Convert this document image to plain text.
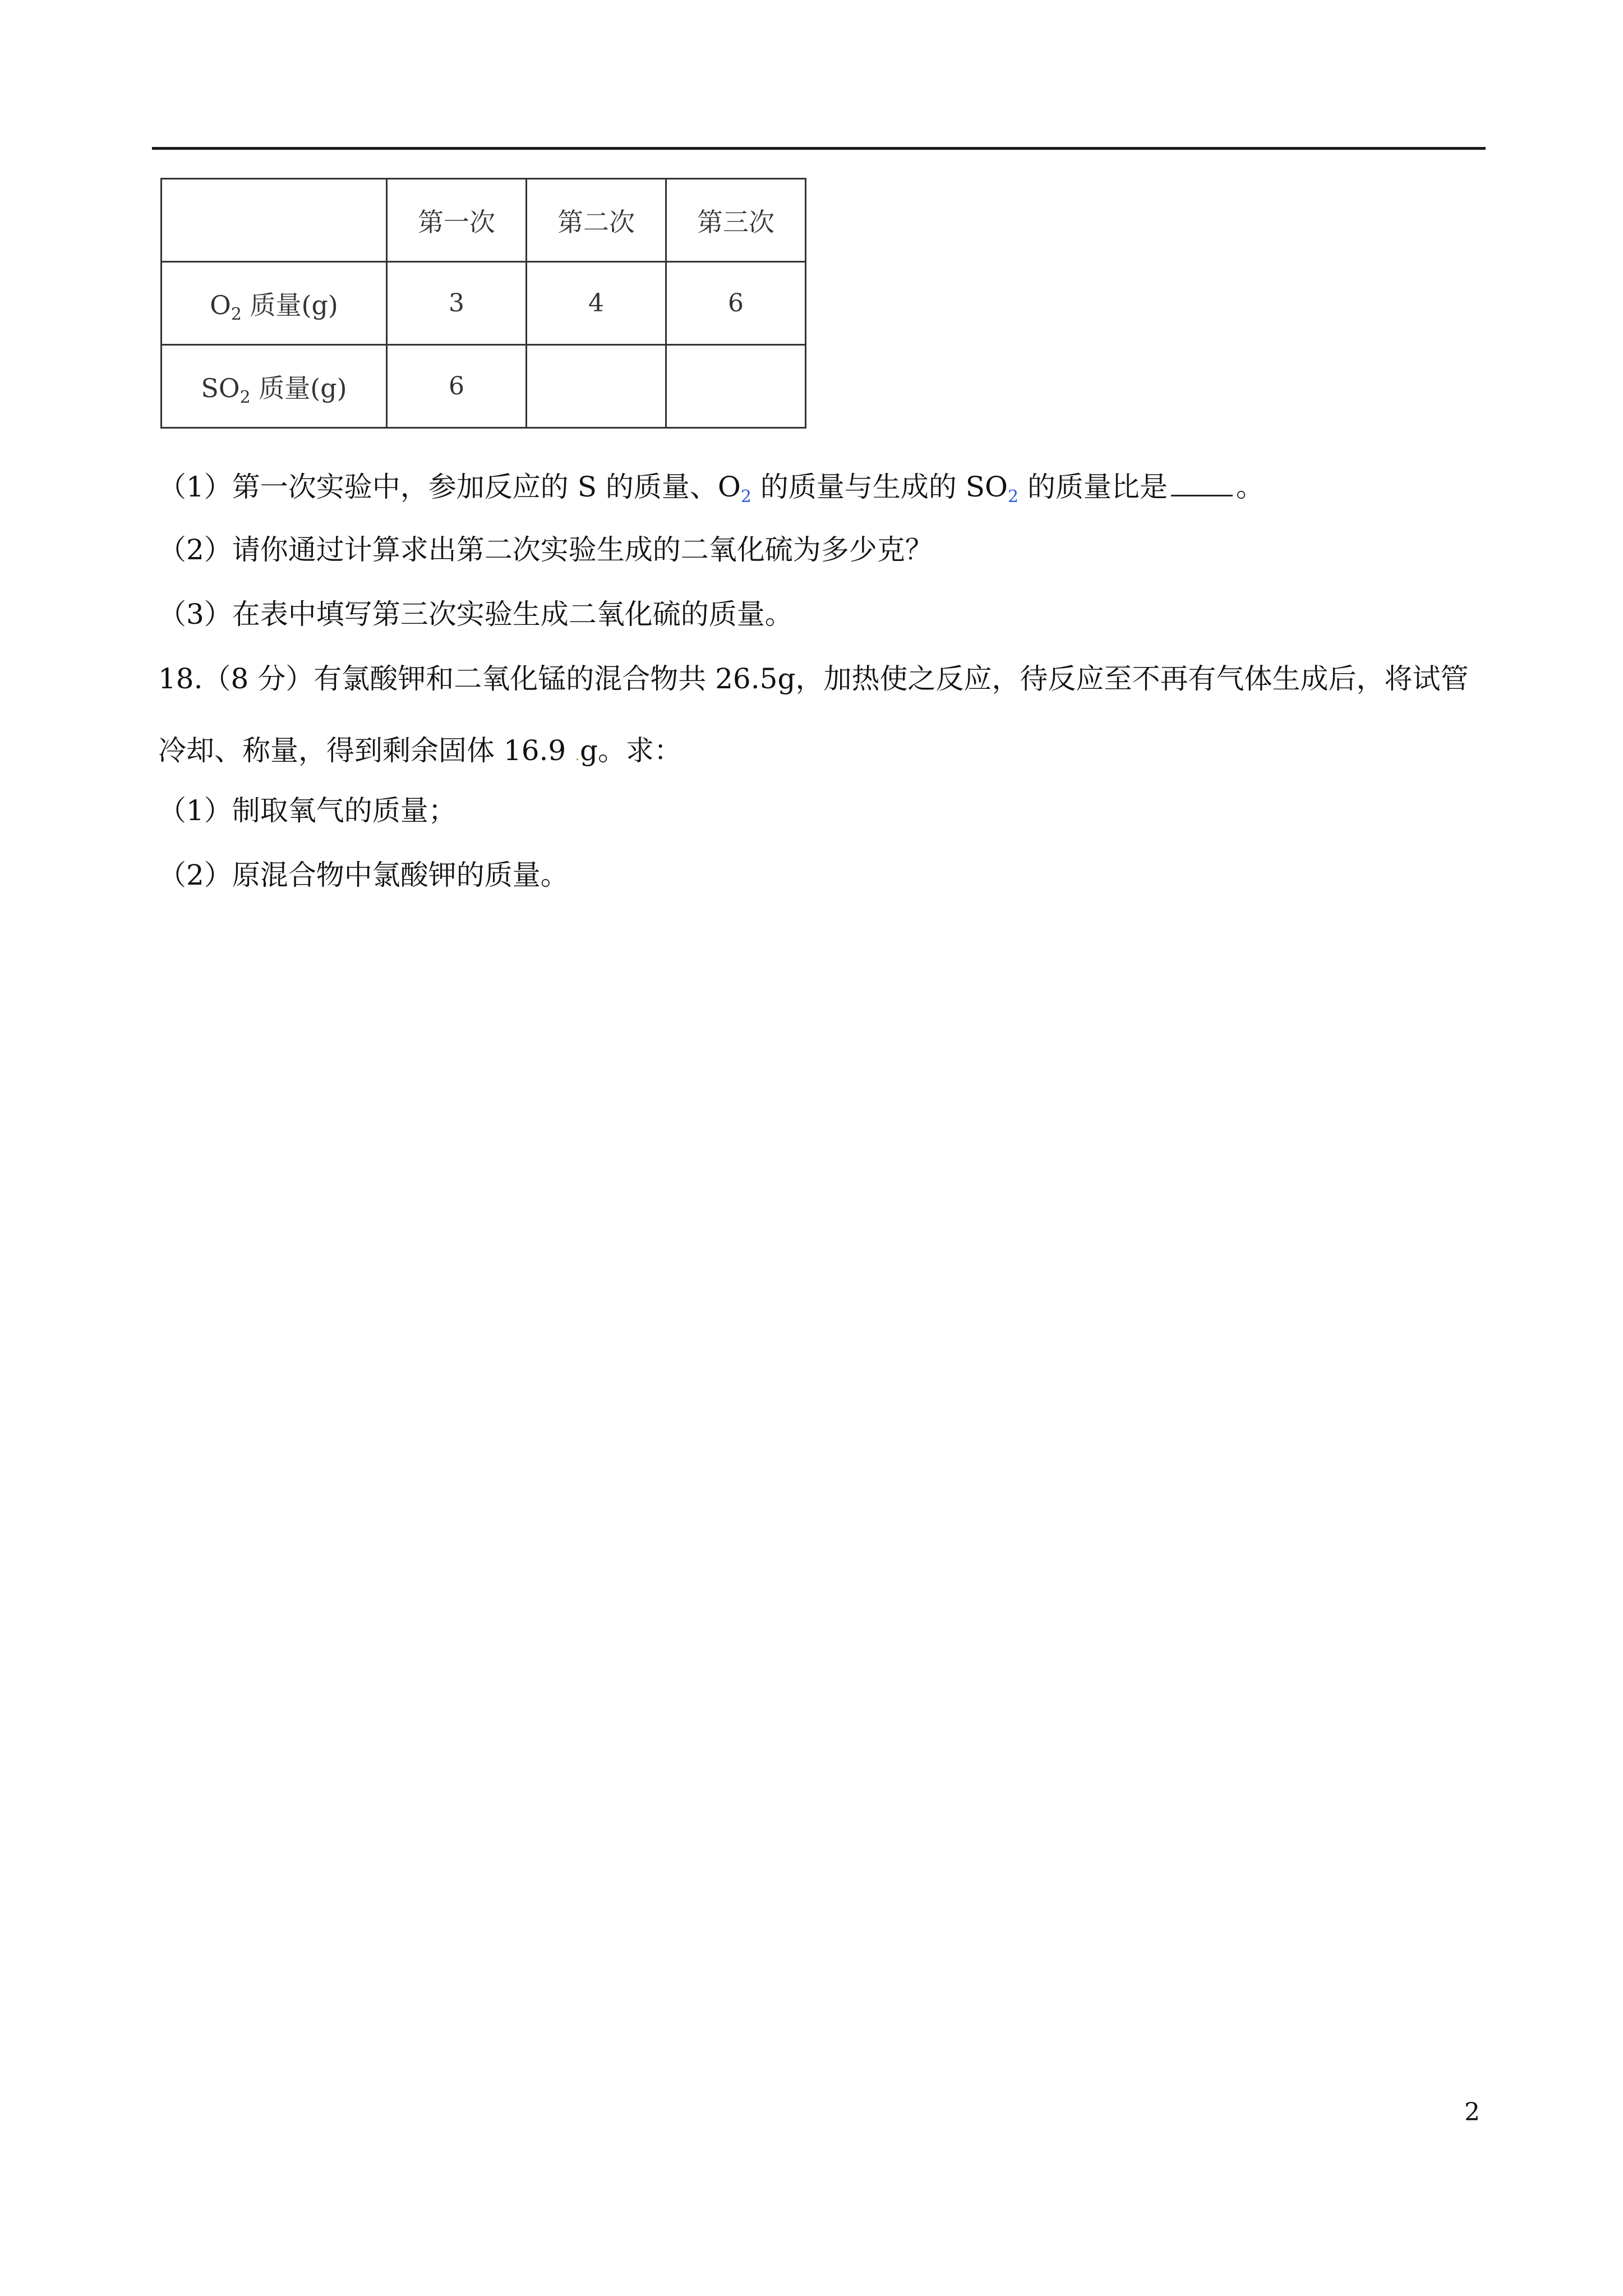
	第一次	第二次	第三次
$O_2$ 质量(g)	3	4	6
$SO_2$ 质量(g)	6		
（1）第一次实验中，参加反应的 S 的质量、$O_2$ 的质量与生成的 $SO_2$ 的质量比是 。
（2）请你通过计算求出第二次实验生成的二氧化硫为多少克？
（3）在表中填写第三次实验生成二氧化硫的质量。
18.（8 分）有氯酸钾和二氧化锰的混合物共 26.5g，加热使之反应，待反应至不再有气体生成后，将试管
冷却、称量，得到剩余固体 16.9 .g。求：
（1）制取氧气的质量；
（2）原混合物中氯酸钾的质量。
2
